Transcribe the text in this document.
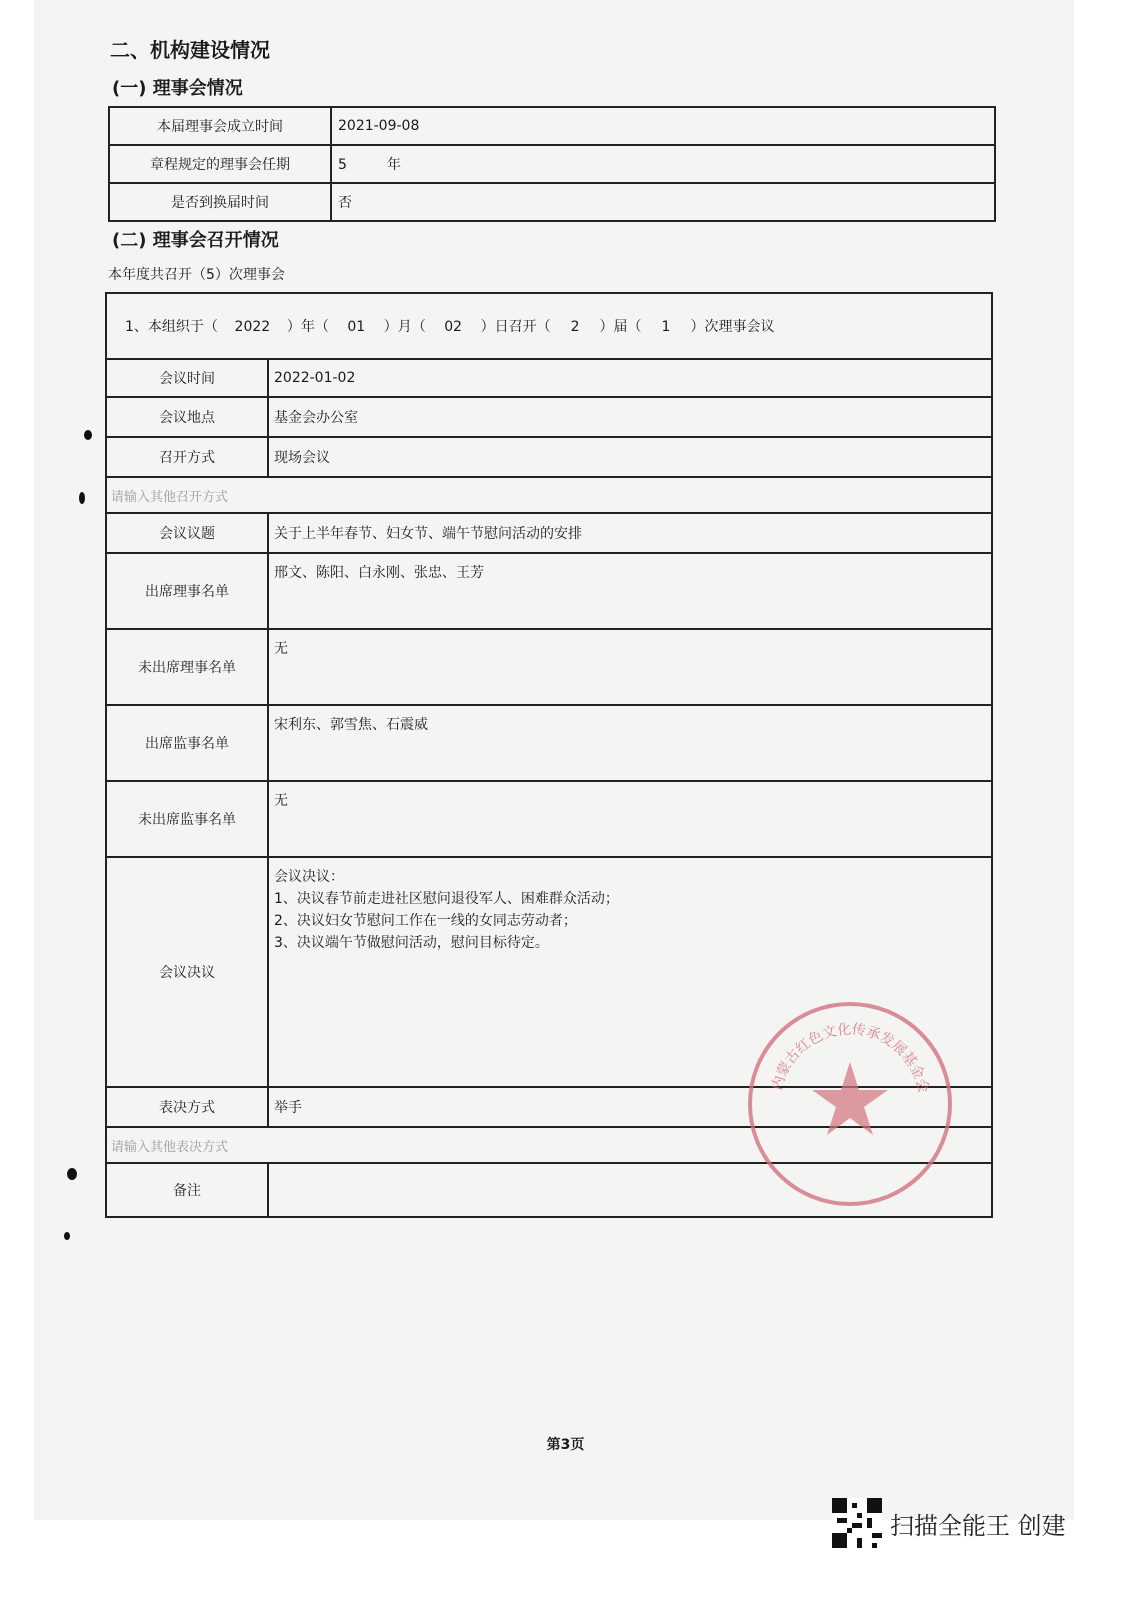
二、机构建设情况
(一) 理事会情况
本届理事会成立时间	2021-09-08
章程规定的理事会任期	5         年
是否到换届时间	否
(二) 理事会召开情况
本年度共召开（5）次理事会
1、本组织于（ 2022 ）年（ 01 ）月（ 02 ）日召开（ 2 ）届（ 1 ）次理事会议	
会议时间	2022-01-02
会议地点	基金会办公室
召开方式	现场会议
请输入其他召开方式	
会议议题	关于上半年春节、妇女节、端午节慰问活动的安排
出席理事名单	邢文、陈阳、白永刚、张忠、王芳
未出席理事名单	无
出席监事名单	宋利东、郭雪焦、石震威
未出席监事名单	无
会议决议	会议决议：
1、决议春节前走进社区慰问退役军人、困难群众活动；
2、决议妇女节慰问工作在一线的女同志劳动者；
3、决议端午节做慰问活动，慰问目标待定。

表决方式	举手
请输入其他表决方式	
备注	
内蒙古红色文化传承发展基金会
第3页
扫描全能王 创建
